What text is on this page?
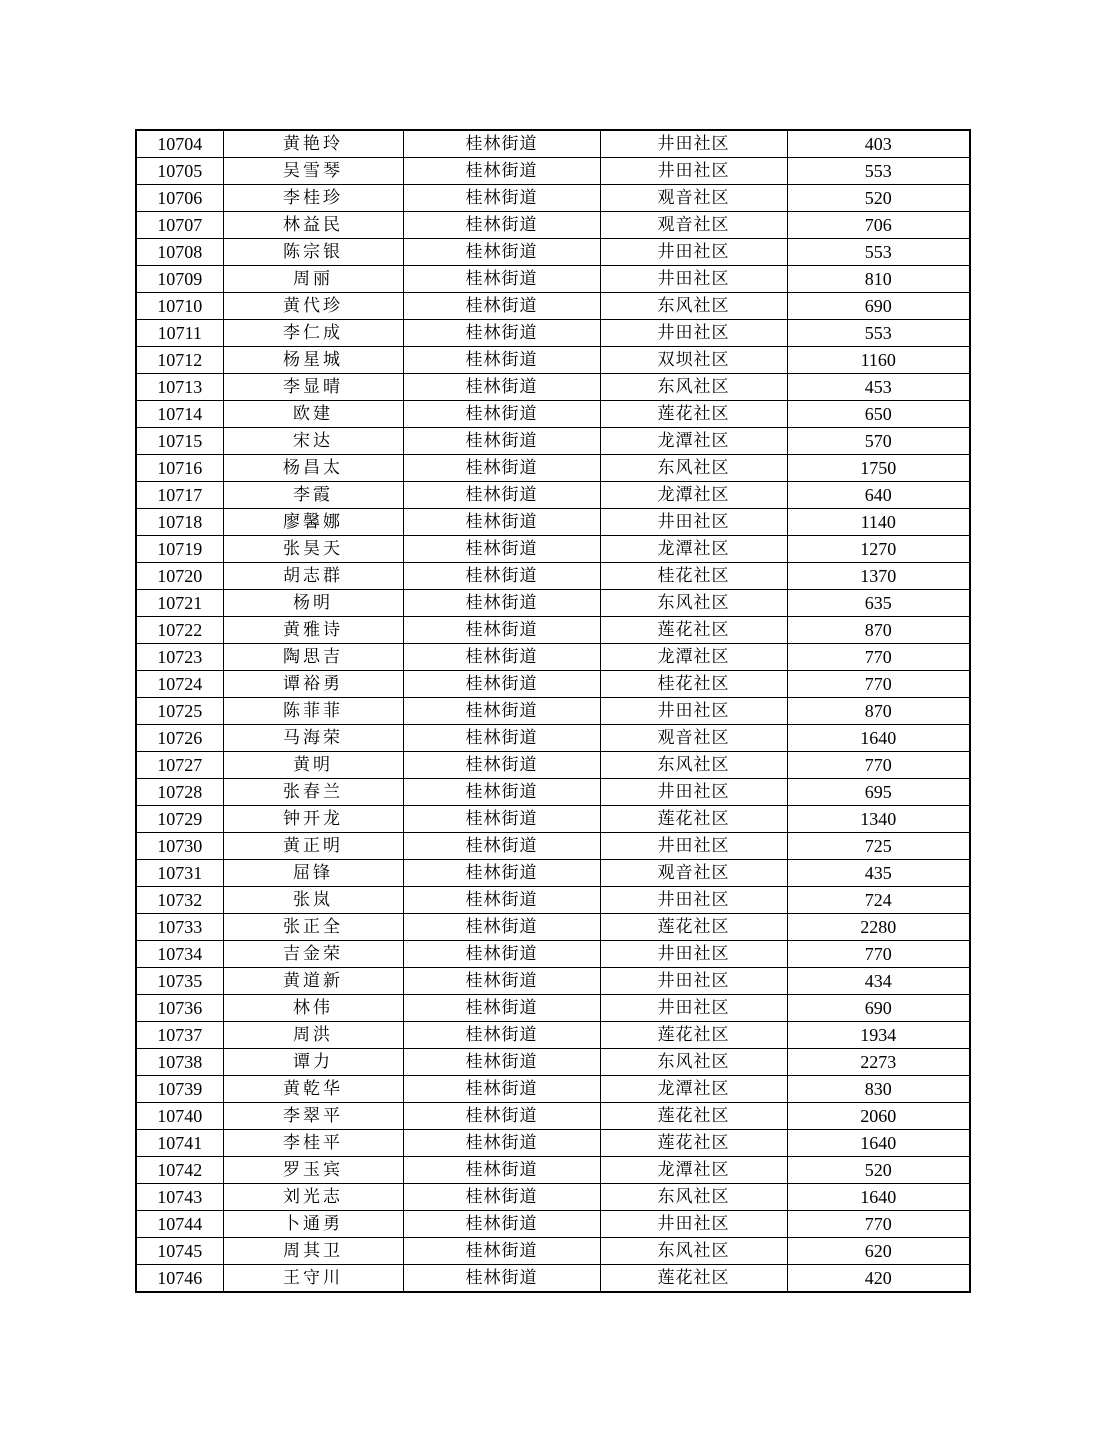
10704	黄艳玲	桂林街道	井田社区	403
10705	吴雪琴	桂林街道	井田社区	553
10706	李桂珍	桂林街道	观音社区	520
10707	林益民	桂林街道	观音社区	706
10708	陈宗银	桂林街道	井田社区	553
10709	周丽	桂林街道	井田社区	810
10710	黄代珍	桂林街道	东风社区	690
10711	李仁成	桂林街道	井田社区	553
10712	杨星城	桂林街道	双坝社区	1160
10713	李显晴	桂林街道	东风社区	453
10714	欧建	桂林街道	莲花社区	650
10715	宋达	桂林街道	龙潭社区	570
10716	杨昌太	桂林街道	东风社区	1750
10717	李霞	桂林街道	龙潭社区	640
10718	廖馨娜	桂林街道	井田社区	1140
10719	张昊天	桂林街道	龙潭社区	1270
10720	胡志群	桂林街道	桂花社区	1370
10721	杨明	桂林街道	东风社区	635
10722	黄雅诗	桂林街道	莲花社区	870
10723	陶思吉	桂林街道	龙潭社区	770
10724	谭裕勇	桂林街道	桂花社区	770
10725	陈菲菲	桂林街道	井田社区	870
10726	马海荣	桂林街道	观音社区	1640
10727	黄明	桂林街道	东风社区	770
10728	张春兰	桂林街道	井田社区	695
10729	钟开龙	桂林街道	莲花社区	1340
10730	黄正明	桂林街道	井田社区	725
10731	屈锋	桂林街道	观音社区	435
10732	张岚	桂林街道	井田社区	724
10733	张正全	桂林街道	莲花社区	2280
10734	吉金荣	桂林街道	井田社区	770
10735	黄道新	桂林街道	井田社区	434
10736	林伟	桂林街道	井田社区	690
10737	周洪	桂林街道	莲花社区	1934
10738	谭力	桂林街道	东风社区	2273
10739	黄乾华	桂林街道	龙潭社区	830
10740	李翠平	桂林街道	莲花社区	2060
10741	李桂平	桂林街道	莲花社区	1640
10742	罗玉宾	桂林街道	龙潭社区	520
10743	刘光志	桂林街道	东风社区	1640
10744	卜通勇	桂林街道	井田社区	770
10745	周其卫	桂林街道	东风社区	620
10746	王守川	桂林街道	莲花社区	420
